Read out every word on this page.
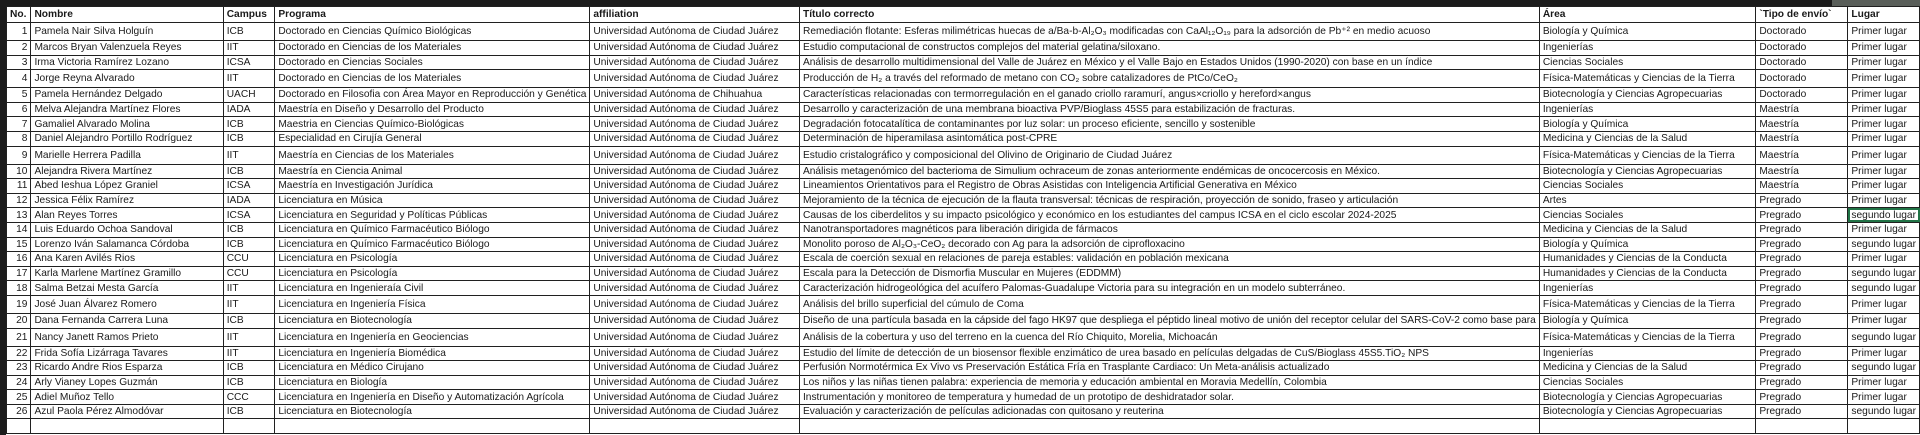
No.	Nombre	Campus	Programa	affiliation	Título correcto	Área	`Tipo de envío`	Lugar
1	Pamela Nair Silva Holguín	ICB	Doctorado en Ciencias Químico Biológicas	Universidad Autónoma de Ciudad Juárez	Remediación flotante: Esferas milimétricas huecas de a/Ba-b-Al₂O₃ modificadas con CaAl₁₂O₁₉ para la adsorción de Pb⁺² en medio acuoso	Biología y Química	Doctorado	Primer lugar
2	Marcos Bryan Valenzuela Reyes	IIT	Doctorado en Ciencias de los Materiales	Universidad Autónoma de Ciudad Juárez	Estudio computacional de constructos complejos del material gelatina/siloxano.	Ingenierías	Doctorado	Primer lugar
3	Irma Victoria Ramírez Lozano	ICSA	Doctorado en Ciencias Sociales	Universidad Autónoma de Ciudad Juárez	Análisis de desarrollo multidimensional del Valle de Juárez en México y el Valle Bajo en Estados Unidos (1990-2020) con base en un índice	Ciencias Sociales	Doctorado	Primer lugar
4	Jorge Reyna Alvarado	IIT	Doctorado en Ciencias de los Materiales	Universidad Autónoma de Ciudad Juárez	Producción de H₂ a través del reformado de metano con CO₂ sobre catalizadores de PtCo/CeO₂	Física-Matemáticas y Ciencias de la Tierra	Doctorado	Primer lugar
5	Pamela Hernández Delgado	UACH	Doctorado en Filosofia con Área Mayor en Reproducción y Genética	Universidad Autónoma de Chihuahua	Características relacionadas con termorregulación en el ganado criollo raramurí, angus×criollo y hereford×angus	Biotecnología y Ciencias Agropecuarias	Doctorado	Primer lugar
6	Melva Alejandra Martínez Flores	IADA	Maestría en Diseño y Desarrollo del Producto	Universidad Autónoma de Ciudad Juárez	Desarrollo y caracterización de una membrana bioactiva PVP/Bioglass 45S5 para estabilización de fracturas.	Ingenierías	Maestría	Primer lugar
7	Gamaliel Alvarado Molina	ICB	Maestria en Ciencias Químico-Biológicas	Universidad Autónoma de Ciudad Juárez	Degradación fotocatalítica de contaminantes por luz solar: un proceso eficiente, sencillo y sostenible	Biología y Química	Maestría	Primer lugar
8	Daniel Alejandro Portillo Rodríguez	ICB	Especialidad en Cirujía General	Universidad Autónoma de Ciudad Juárez	Determinación de hiperamilasa asintomática post-CPRE	Medicina y Ciencias de la Salud	Maestría	Primer lugar
9	Marielle Herrera Padilla	IIT	Maestría en Ciencias de los Materiales	Universidad Autónoma de Ciudad Juárez	Estudio cristalográfico y composicional del Olivino de Originario de Ciudad Juárez	Física-Matemáticas y Ciencias de la Tierra	Maestría	Primer lugar
10	Alejandra Rivera Martínez	ICB	Maestría en Ciencia Animal	Universidad Autónoma de Ciudad Juárez	Análisis metagenómico del bacterioma de Simulium ochraceum de zonas anteriormente endémicas de oncocercosis en México.	Biotecnología y Ciencias Agropecuarias	Maestría	Primer lugar
11	Abed Ieshua López Graniel	ICSA	Maestría en Investigación Jurídica	Universidad Autónoma de Ciudad Juárez	Lineamientos Orientativos para el Registro de Obras Asistidas con Inteligencia Artificial Generativa en México	Ciencias Sociales	Maestría	Primer lugar
12	Jessica Félix Ramírez	IADA	Licenciatura en Música	Universidad Autónoma de Ciudad Juárez	Mejoramiento de la técnica de ejecución de la flauta transversal: técnicas de respiración, proyección de sonido, fraseo y articulación	Artes	Pregrado	Primer lugar
13	Alan Reyes Torres	ICSA	Licenciatura en Seguridad y Políticas Públicas	Universidad Autónoma de Ciudad Juárez	Causas de los ciberdelitos y su impacto psicológico y económico en los estudiantes del campus ICSA en el ciclo escolar 2024-2025	Ciencias Sociales	Pregrado	segundo lugar

14	Luis Eduardo Ochoa Sandoval	ICB	Licenciatura en Químico Farmacéutico Biólogo	Universidad Autónoma de Ciudad Juárez	Nanotransportadores magnéticos para liberación dirigida de fármacos	Medicina y Ciencias de la Salud	Pregrado	Primer lugar
15	Lorenzo Iván Salamanca Córdoba	ICB	Licenciatura en Químico Farmacéutico Biólogo	Universidad Autónoma de Ciudad Juárez	Monolito poroso de Al₂O₃-CeO₂ decorado con Ag para la adsorción de ciprofloxacino	Biología y Química	Pregrado	segundo lugar
16	Ana Karen Avilés Rios	CCU	Licenciatura en Psicología	Universidad Autónoma de Ciudad Juárez	Escala de coerción sexual en relaciones de pareja estables: validación en población mexicana	Humanidades y Ciencias de la Conducta	Pregrado	Primer lugar
17	Karla Marlene Martínez Gramillo	CCU	Licenciatura en Psicología	Universidad Autónoma de Ciudad Juárez	Escala para la Detección de Dismorfia Muscular en Mujeres (EDDMM)	Humanidades y Ciencias de la Conducta	Pregrado	segundo lugar
18	Salma Betzai Mesta García	IIT	Licenciatura en Ingenieraía Civil	Universidad Autónoma de Ciudad Juárez	Caracterización hidrogeológica del acuífero Palomas-Guadalupe Victoria para su integración en un modelo subterráneo.	Ingenierías	Pregrado	segundo lugar
19	José Juan Álvarez Romero	IIT	Licenciatura en Ingeniería Física	Universidad Autónoma de Ciudad Juárez	Análisis del brillo superficial del cúmulo de Coma	Física-Matemáticas y Ciencias de la Tierra	Pregrado	Primer lugar
20	Dana Fernanda Carrera Luna	ICB	Licenciatura en Biotecnología	Universidad Autónoma de Ciudad Juárez	Diseño de una partícula basada en la cápside del fago HK97 que despliega el péptido lineal motivo de unión del receptor celular del SARS-CoV-2 como base para	Biología y Química	Pregrado	Primer lugar
21	Nancy Janett Ramos Prieto	IIT	Licenciatura en Ingeniería en Geociencias	Universidad Autónoma de Ciudad Juárez	Análisis de la cobertura y uso del terreno en la cuenca del Río Chiquito, Morelia, Michoacán	Física-Matemáticas y Ciencias de la Tierra	Pregrado	segundo lugar
22	Frida Sofía Lizárraga Tavares	IIT	Licenciatura en Ingeniería Biomédica	Universidad Autónoma de Ciudad Juárez	Estudio del límite de detección de un biosensor flexible enzimático de urea basado en películas delgadas de CuS/Bioglass 45S5.TiO₂ NPS	Ingenierías	Pregrado	Primer lugar
23	Ricardo Andre Rios Esparza	ICB	Licenciatura en Médico Cirujano	Universidad Autónoma de Ciudad Juárez	Perfusión Normotérmica Ex Vivo vs Preservación Estática Fría en Trasplante Cardiaco: Un Meta-análisis actualizado	Medicina y Ciencias de la Salud	Pregrado	segundo lugar
24	Arly Vianey Lopes Guzmán	ICB	Licenciatura en Biología	Universidad Autónoma de Ciudad Juárez	Los niños y las niñas tienen palabra: experiencia de memoria y educación ambiental en Moravia Medellín, Colombia	Ciencias Sociales	Pregrado	Primer lugar
25	Adiel Muñoz Tello	CCC	Licenciatura en Ingeniería en Diseño y Automatización Agrícola	Universidad Autónoma de Ciudad Juárez	Instrumentación y monitoreo de temperatura y humedad de un prototipo de deshidratador solar.	Biotecnología y Ciencias Agropecuarias	Pregrado	Primer lugar
26	Azul Paola Pérez Almodóvar	ICB	Licenciatura en Biotecnología	Universidad Autónoma de Ciudad Juárez	Evaluación y caracterización de películas adicionadas con quitosano y reuterina	Biotecnología y Ciencias Agropecuarias	Pregrado	segundo lugar
